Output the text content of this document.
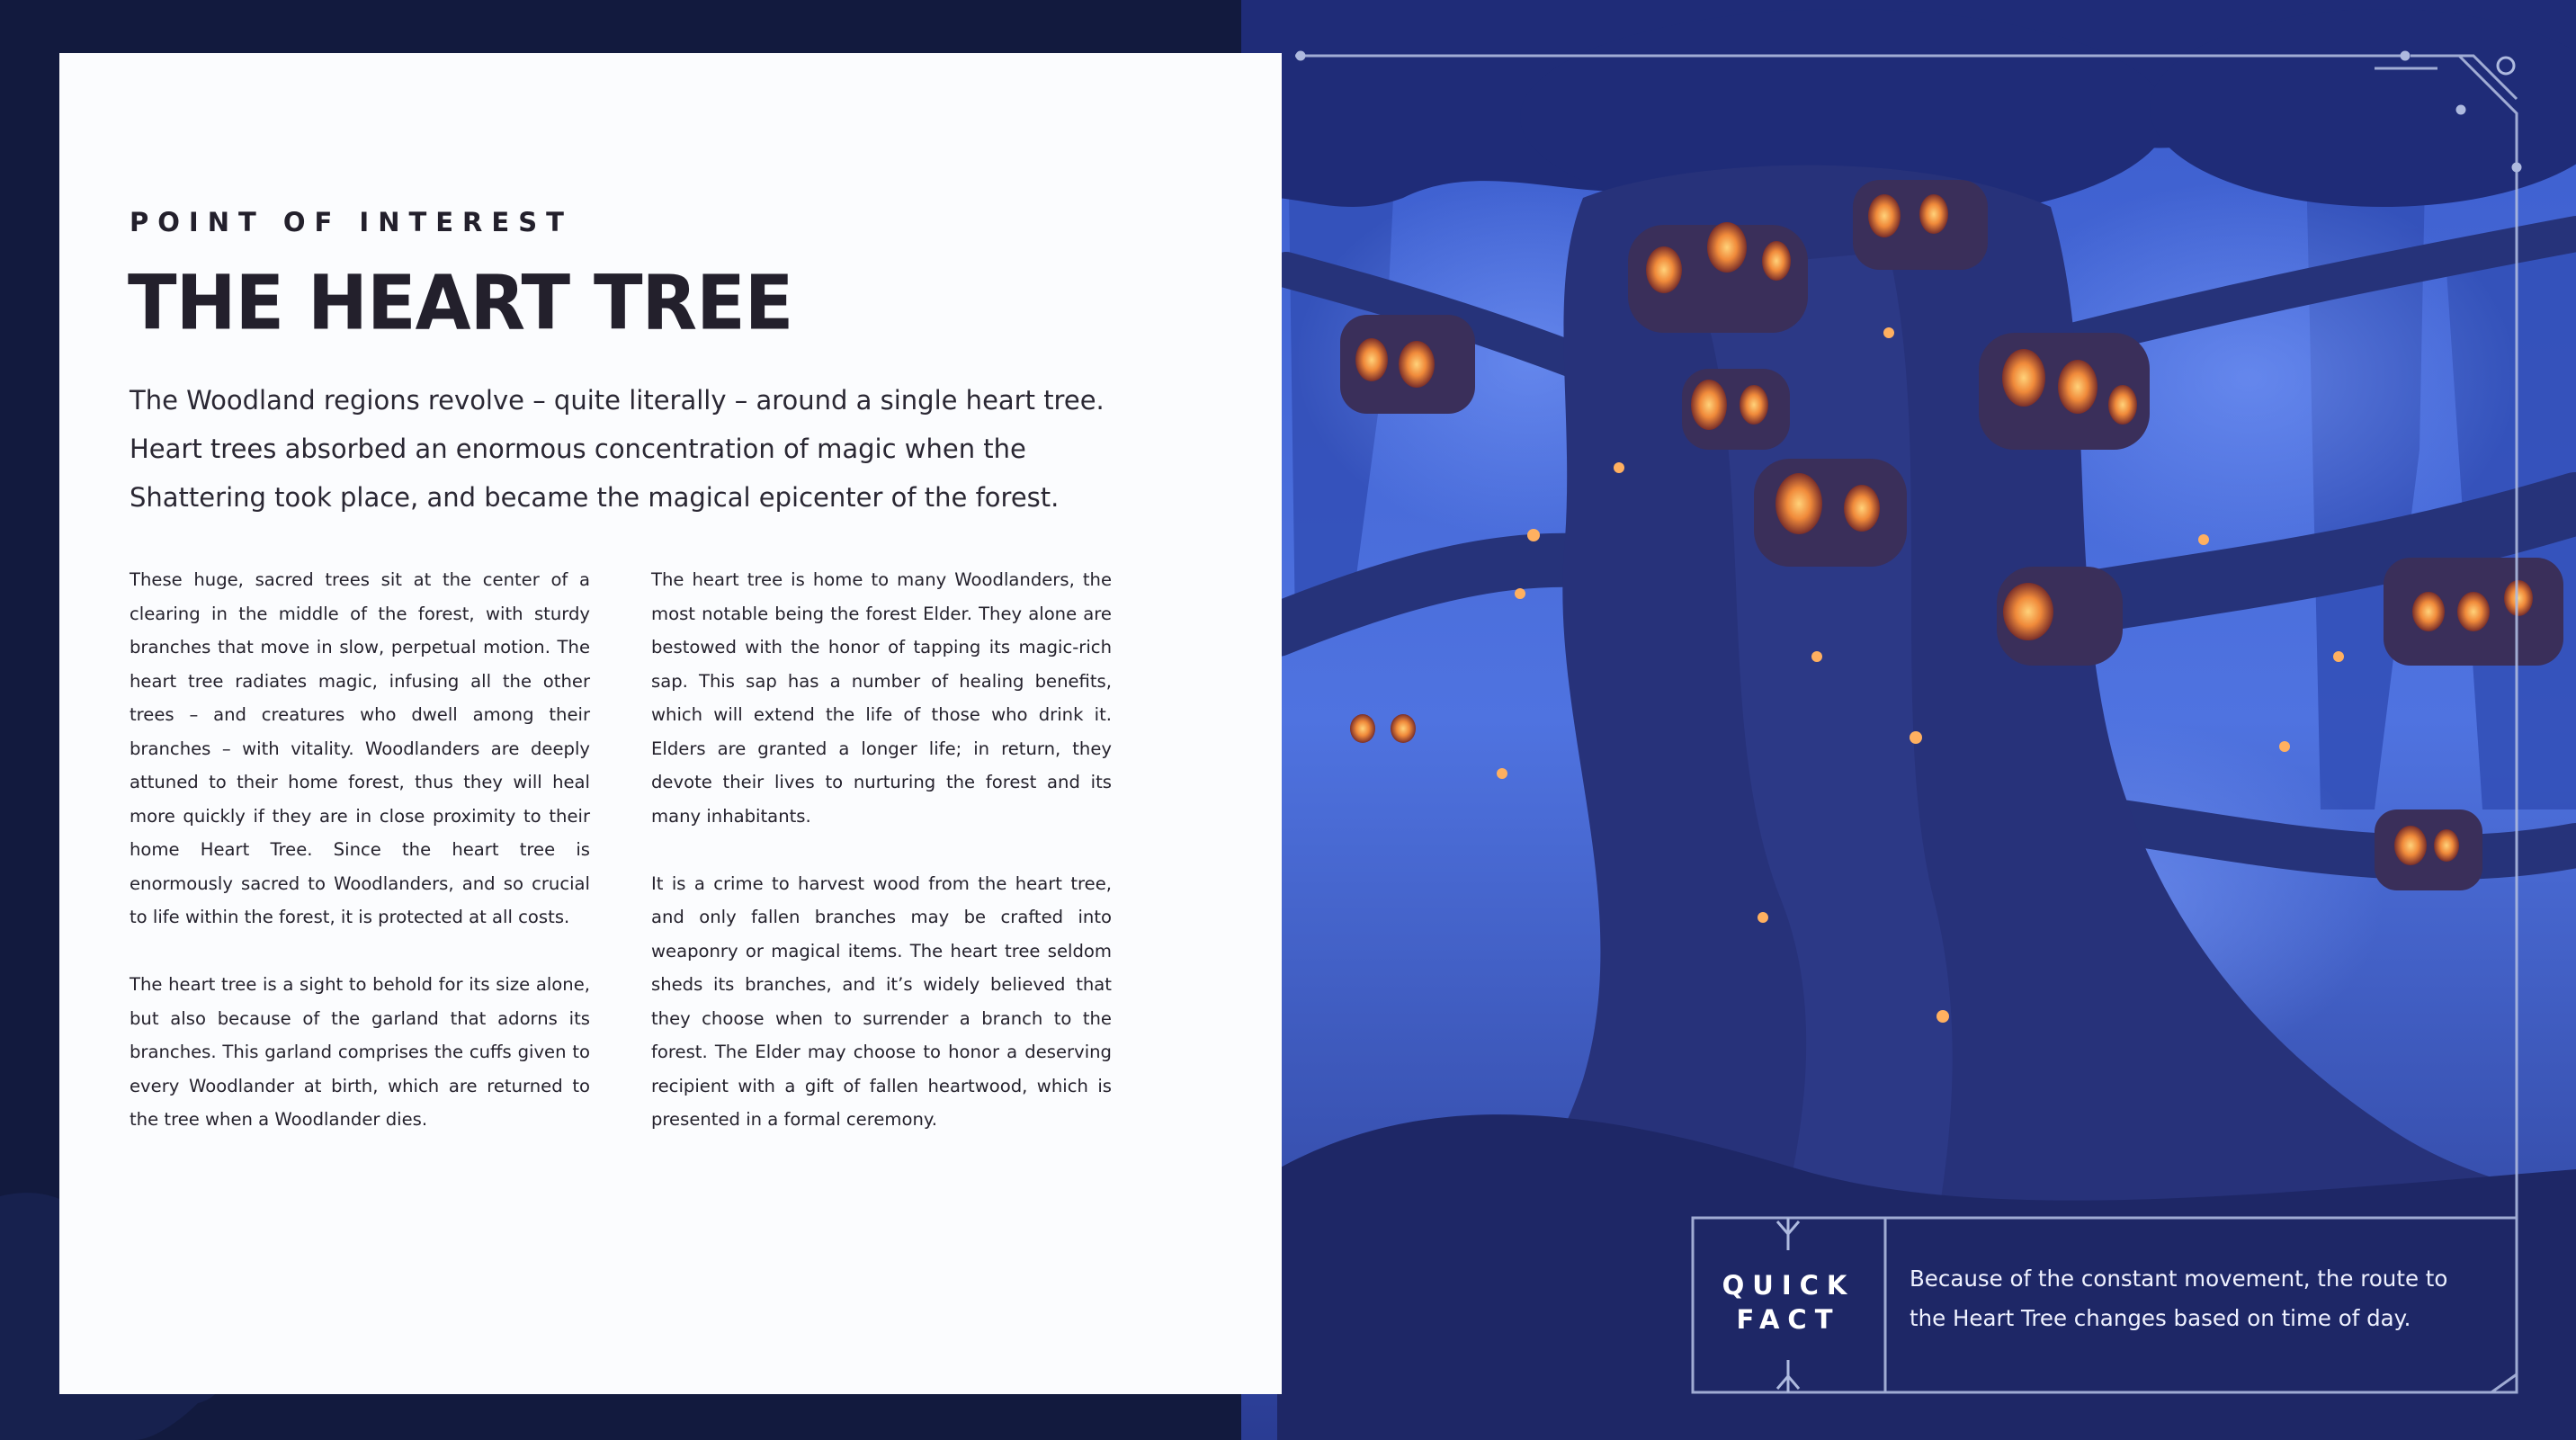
POINT OF INTEREST
THE HEART TREE

The Woodland regions revolve – quite literally – around a single heart tree. Heart trees absorbed an enormous concentration of magic when the Shattering took place, and became the magical epicenter of the forest.

These huge, sacred trees sit at the center of a clearing in the middle of the forest, with sturdy branches that move in slow, perpetual motion. The heart tree radiates magic, infusing all the other trees – and creatures who dwell among their branches – with vitality. Woodlanders are deeply attuned to their home forest, thus they will heal more quickly if they are in close proximity to their home Heart Tree. Since the heart tree is enormously sacred to Woodlanders, and so crucial to life within the forest, it is protected at all costs.

The heart tree is a sight to behold for its size alone, but also because of the garland that adorns its branches. This garland comprises the cuffs given to every Woodlander at birth, which are returned to the tree when a Woodlander dies.

The heart tree is home to many Woodlanders, the most notable being the forest Elder. They alone are bestowed with the honor of tapping its magic-rich sap. This sap has a number of healing benefits, which will extend the life of those who drink it. Elders are granted a longer life; in return, they devote their lives to nurturing the forest and its many inhabitants.

It is a crime to harvest wood from the heart tree, and only fallen branches may be crafted into weaponry or magical items. The heart tree seldom sheds its branches, and it’s widely believed that they choose when to surrender a branch to the forest. The Elder may choose to honor a deserving recipient with a gift of fallen heartwood, which is presented in a formal ceremony.

QUICK
FACT
Because of the constant movement, the route to the Heart Tree changes based on time of day.
